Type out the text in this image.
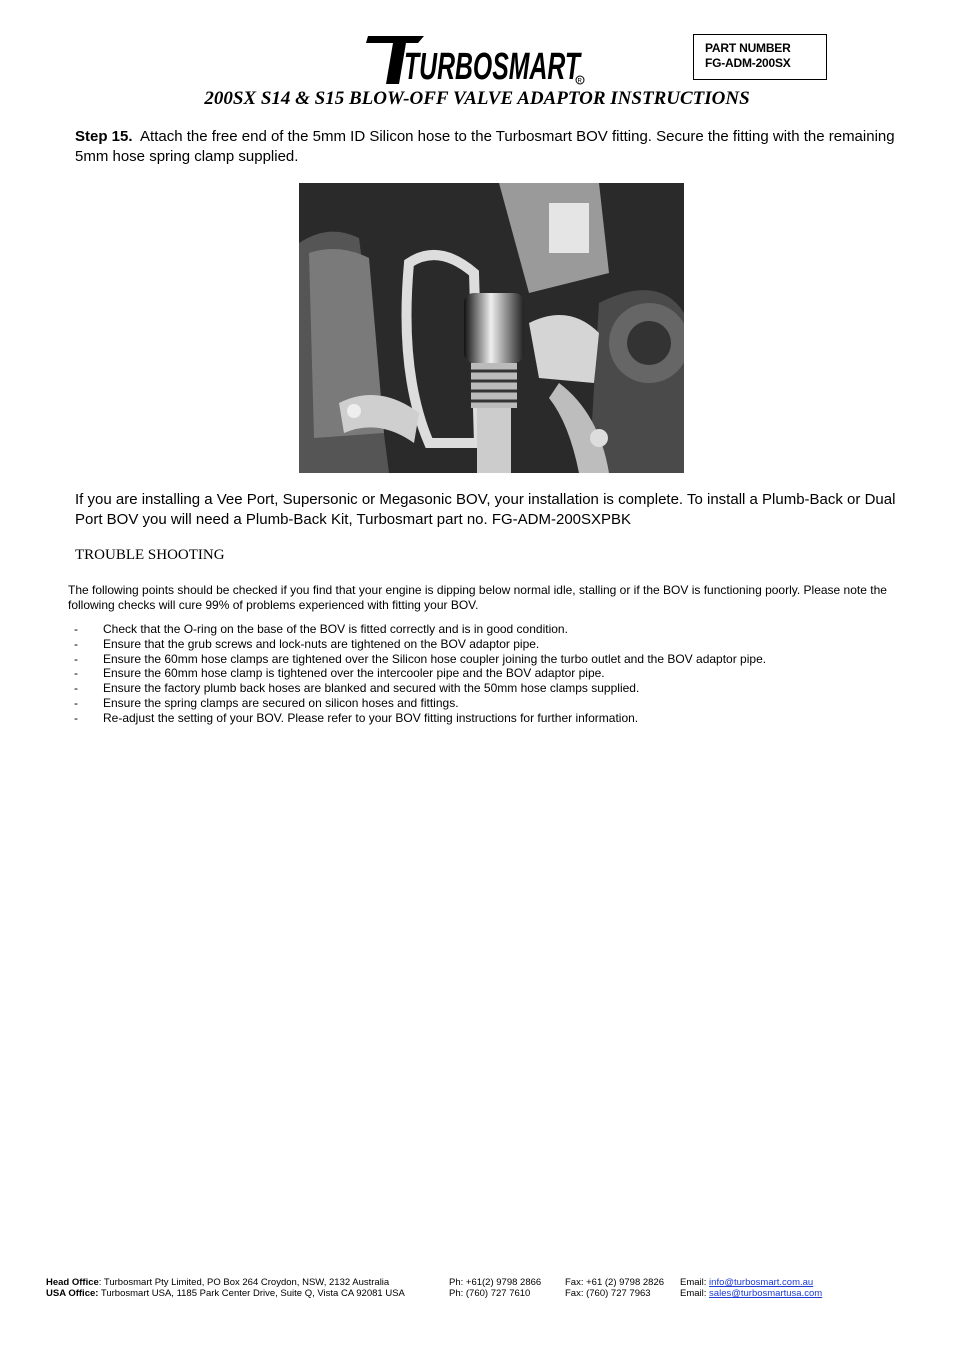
TURBOSMART
R
PART NUMBER
FG-ADM-200SX
200SX S14 & S15 BLOW-OFF VALVE ADAPTOR INSTRUCTIONS
Step 15. Attach the free end of the 5mm ID Silicon hose to the Turbosmart BOV fitting. Secure the fitting with the remaining 5mm hose spring clamp supplied.
If you are installing a Vee Port, Supersonic or Megasonic BOV, your installation is complete. To install a Plumb-Back or Dual Port BOV you will need a Plumb-Back Kit, Turbosmart part no. FG-ADM-200SXPBK
TROUBLE SHOOTING
The following points should be checked if you find that your engine is dipping below normal idle, stalling or if the BOV is functioning poorly. Please note the following checks will cure 99% of problems experienced with fitting your BOV.
- Check that the O-ring on the base of the BOV is fitted correctly and is in good condition.
- Ensure that the grub screws and lock-nuts are tightened on the BOV adaptor pipe.
- Ensure the 60mm hose clamps are tightened over the Silicon hose coupler joining the turbo outlet and the BOV adaptor pipe.
- Ensure the 60mm hose clamp is tightened over the intercooler pipe and the BOV adaptor pipe.
- Ensure the factory plumb back hoses are blanked and secured with the 50mm hose clamps supplied.
- Ensure the spring clamps are secured on silicon hoses and fittings.
- Re-adjust the setting of your BOV. Please refer to your BOV fitting instructions for further information.
Head Office: Turbosmart Pty Limited, PO Box 264 Croydon, NSW, 2132 Australia	Ph: +61(2) 9798 2866	Fax: +61 (2) 9798 2826 Email: info@turbosmart.com.au
USA Office: Turbosmart USA, 1185 Park Center Drive, Suite Q, Vista CA 92081 USA	Ph: (760) 727 7610	Fax: (760) 727 7963	Email: sales@turbosmartusa.com
